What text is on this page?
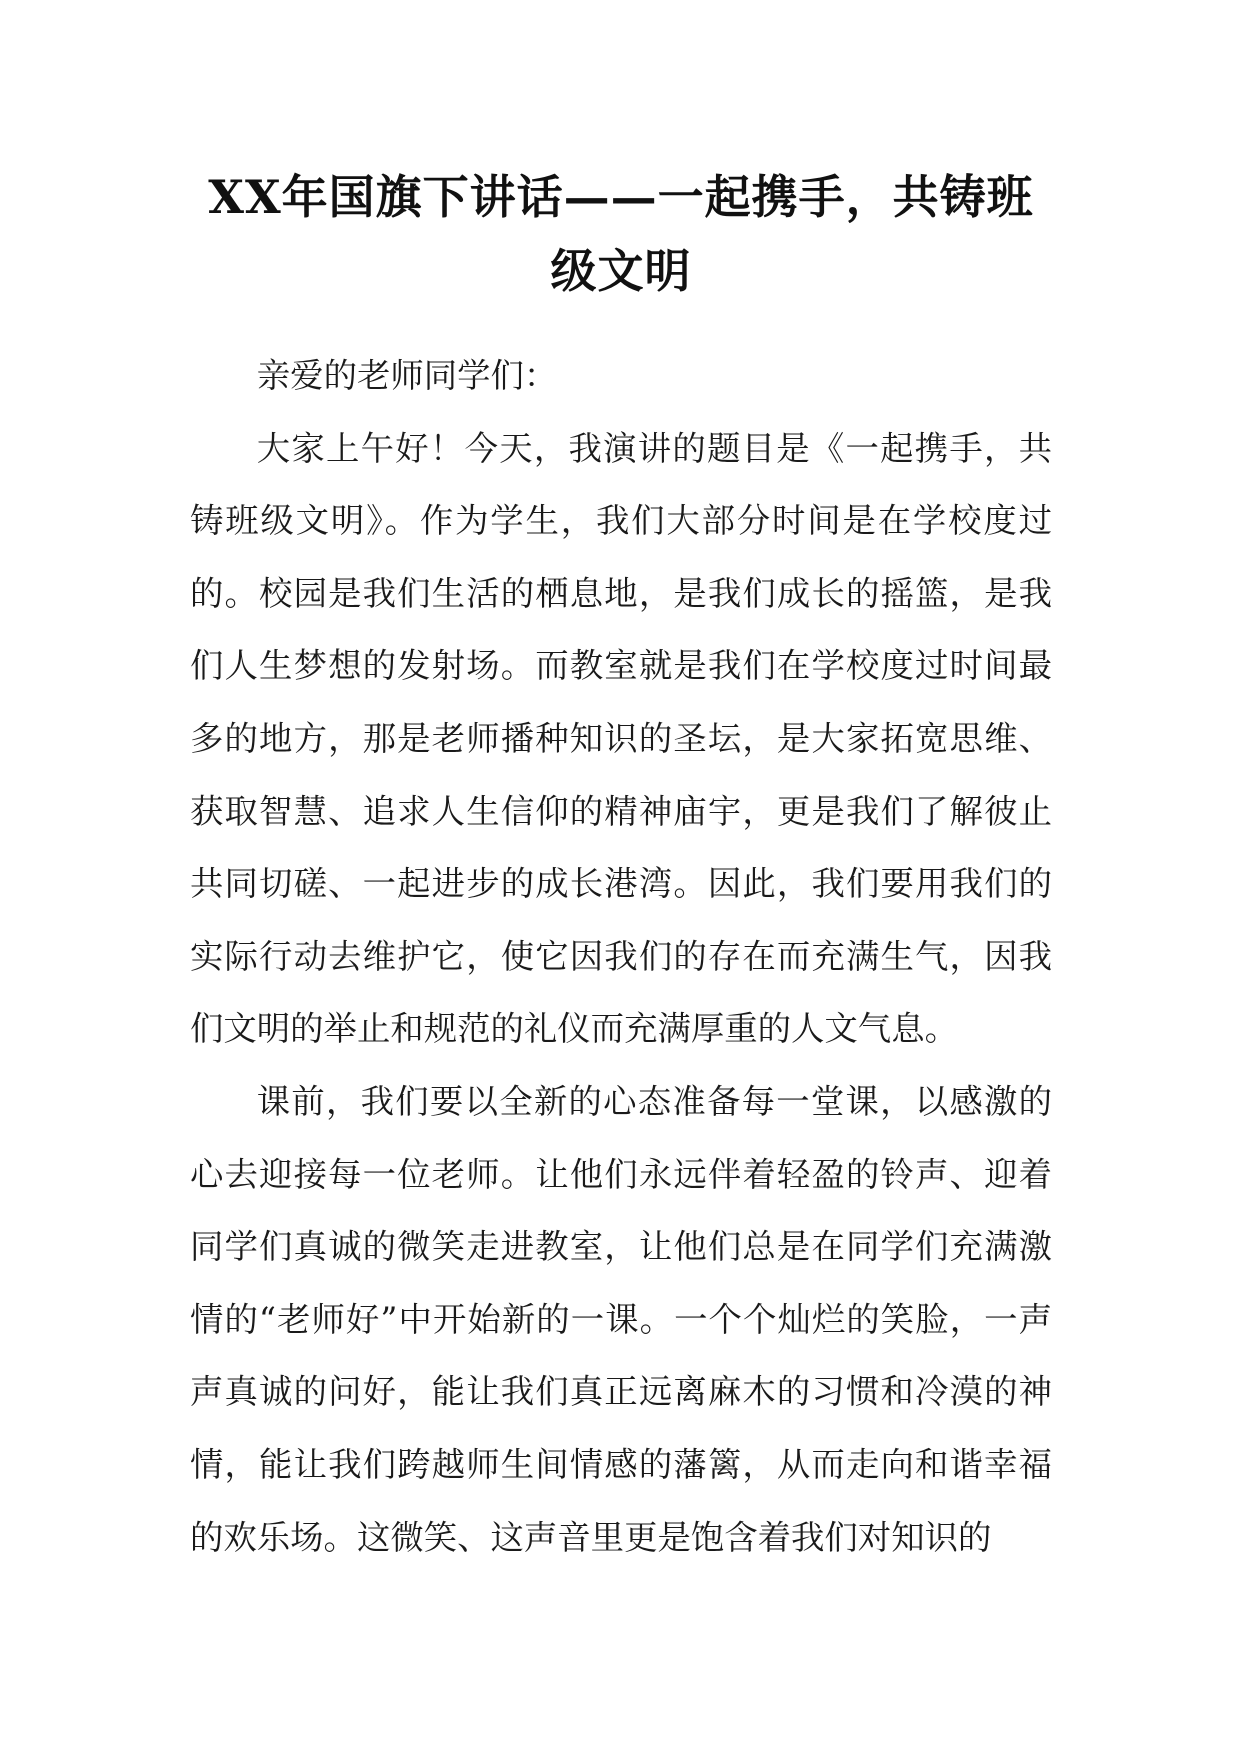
XX年国旗下讲话——一起携手，共铸班
级文明

亲爱的老师同学们：

大家上午好！今天，我演讲的题目是《一起携手，共铸班级文明》。作为学生，我们大部分时间是在学校度过的。校园是我们生活的栖息地，是我们成长的摇篮，是我们人生梦想的发射场。而教室就是我们在学校度过时间最多的地方，那是老师播种知识的圣坛，是大家拓宽思维、获取智慧、追求人生信仰的精神庙宇，更是我们了解彼止共同切磋、一起进步的成长港湾。因此，我们要用我们的实际行动去维护它，使它因我们的存在而充满生气，因我们文明的举止和规范的礼仪而充满厚重的人文气息。

课前，我们要以全新的心态准备每一堂课，以感激的心去迎接每一位老师。让他们永远伴着轻盈的铃声、迎着同学们真诚的微笑走进教室，让他们总是在同学们充满激情的“老师好”中开始新的一课。一个个灿烂的笑脸，一声声真诚的问好，能让我们真正远离麻木的习惯和冷漠的神情，能让我们跨越师生间情感的藩篱，从而走向和谐幸福的欢乐场。这微笑、这声音里更是饱含着我们对知识的
